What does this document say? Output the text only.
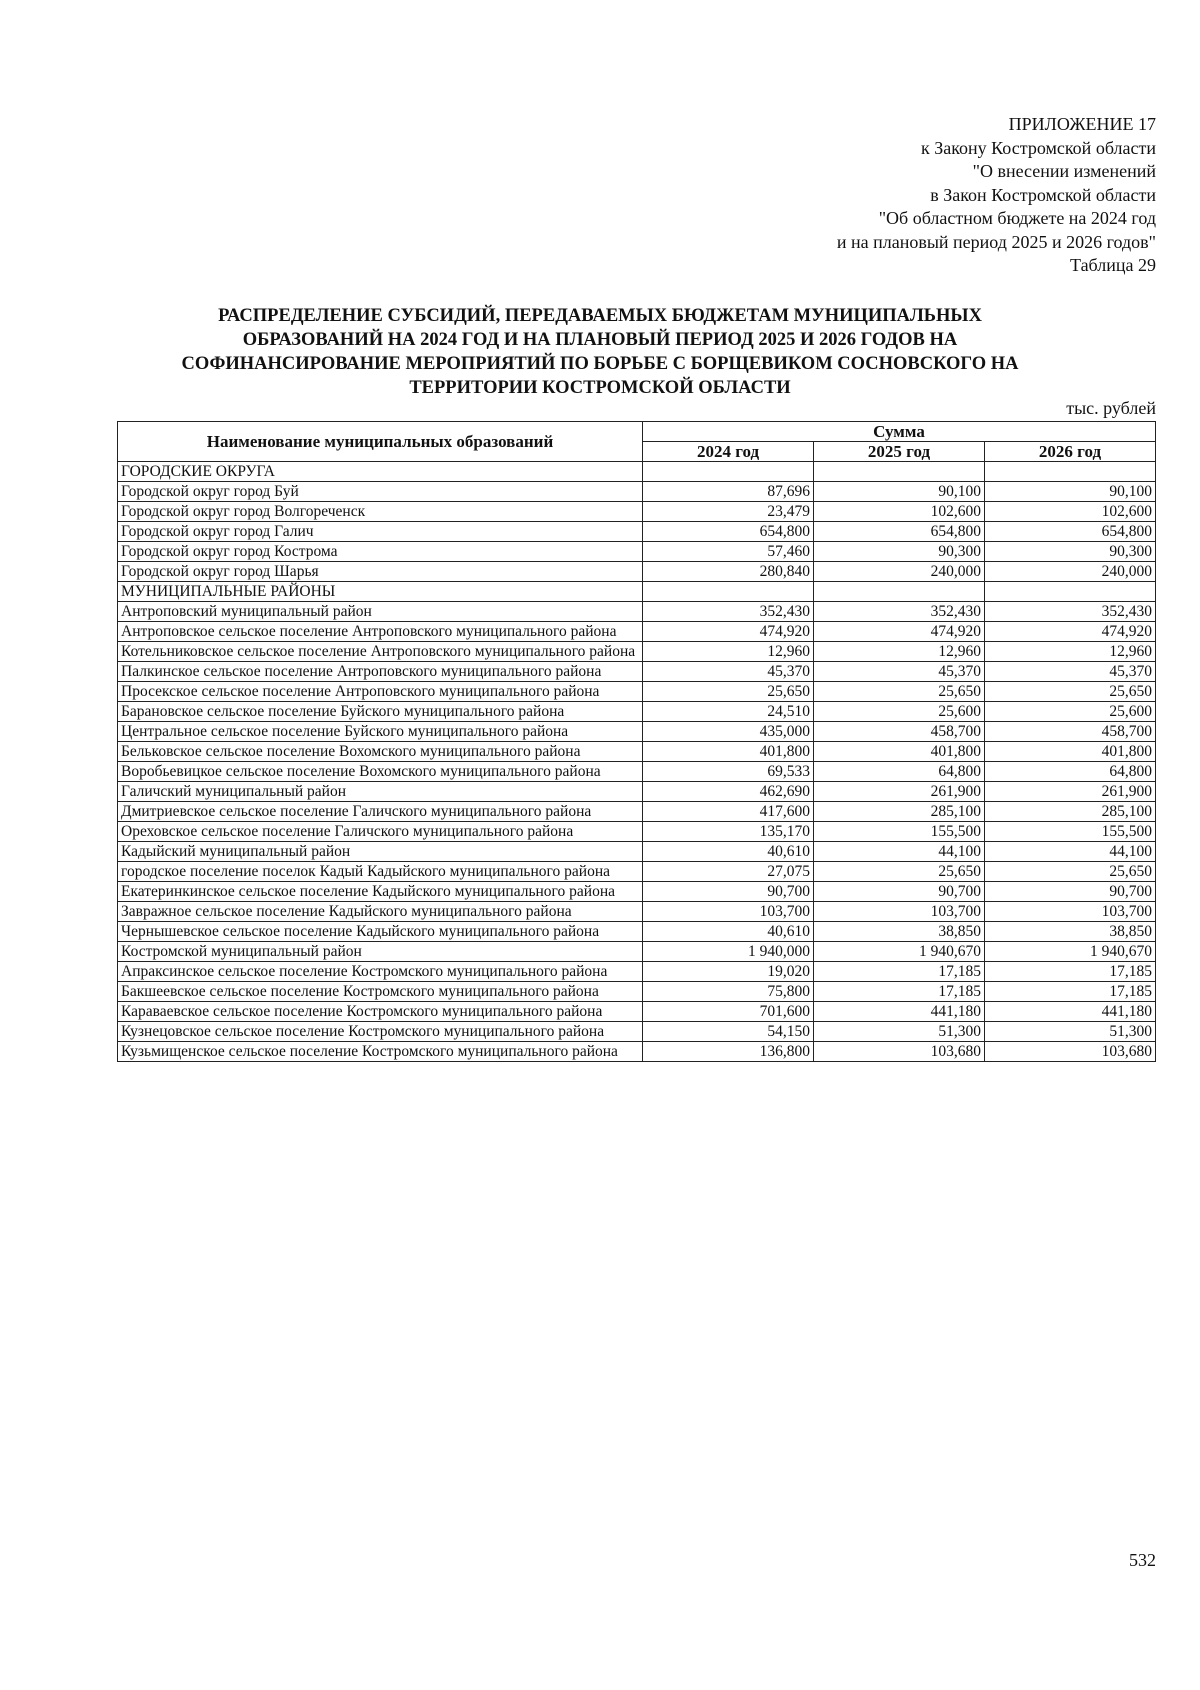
ПРИЛОЖЕНИЕ 17
к Закону Костромской области
"О внесении изменений
в Закон Костромской области
"Об областном бюджете на 2024 год
и на плановый период 2025 и 2026 годов"
Таблица 29
РАСПРЕДЕЛЕНИЕ СУБСИДИЙ, ПЕРЕДАВАЕМЫХ БЮДЖЕТАМ МУНИЦИПАЛЬНЫХ
ОБРАЗОВАНИЙ НА 2024 ГОД И НА ПЛАНОВЫЙ ПЕРИОД 2025 И 2026 ГОДОВ НА
СОФИНАНСИРОВАНИЕ МЕРОПРИЯТИЙ ПО БОРЬБЕ С БОРЩЕВИКОМ СОСНОВСКОГО НА
ТЕРРИТОРИИ КОСТРОМСКОЙ ОБЛАСТИ
тыс. рублей
Наименование муниципальных образований	Сумма		
	2024 год	2025 год	2026 год
ГОРОДСКИЕ ОКРУГА			
Городской округ город Буй	87,696	90,100	90,100
Городской округ город Волгореченск	23,479	102,600	102,600
Городской округ город Галич	654,800	654,800	654,800
Городской округ город Кострома	57,460	90,300	90,300
Городской округ город Шарья	280,840	240,000	240,000
МУНИЦИПАЛЬНЫЕ РАЙОНЫ			
Антроповский муниципальный район	352,430	352,430	352,430
Антроповское сельское поселение Антроповского муниципального района	474,920	474,920	474,920
Котельниковское сельское поселение Антроповского муниципального района	12,960	12,960	12,960
Палкинское сельское поселение Антроповского муниципального района	45,370	45,370	45,370
Просекское сельское поселение Антроповского муниципального района	25,650	25,650	25,650
Барановское сельское поселение Буйского муниципального района	24,510	25,600	25,600
Центральное сельское поселение Буйского муниципального района	435,000	458,700	458,700
Бельковское сельское поселение Вохомского муниципального района	401,800	401,800	401,800
Воробьевицкое сельское поселение Вохомского муниципального района	69,533	64,800	64,800
Галичский муниципальный район	462,690	261,900	261,900
Дмитриевское сельское поселение Галичского муниципального района	417,600	285,100	285,100
Ореховское сельское поселение Галичского муниципального района	135,170	155,500	155,500
Кадыйский муниципальный район	40,610	44,100	44,100
городское поселение поселок Кадый Кадыйского муниципального района	27,075	25,650	25,650
Екатеринкинское сельское поселение Кадыйского муниципального района	90,700	90,700	90,700
Завражное сельское поселение Кадыйского муниципального района	103,700	103,700	103,700
Чернышевское сельское поселение Кадыйского муниципального района	40,610	38,850	38,850
Костромской муниципальный район	1 940,000	1 940,670	1 940,670
Апраксинское сельское поселение Костромского муниципального района	19,020	17,185	17,185
Бакшеевское сельское поселение Костромского муниципального района	75,800	17,185	17,185
Караваевское сельское поселение Костромского муниципального района	701,600	441,180	441,180
Кузнецовское сельское поселение Костромского муниципального района	54,150	51,300	51,300
Кузьмищенское сельское поселение Костромского муниципального района	136,800	103,680	103,680
532
